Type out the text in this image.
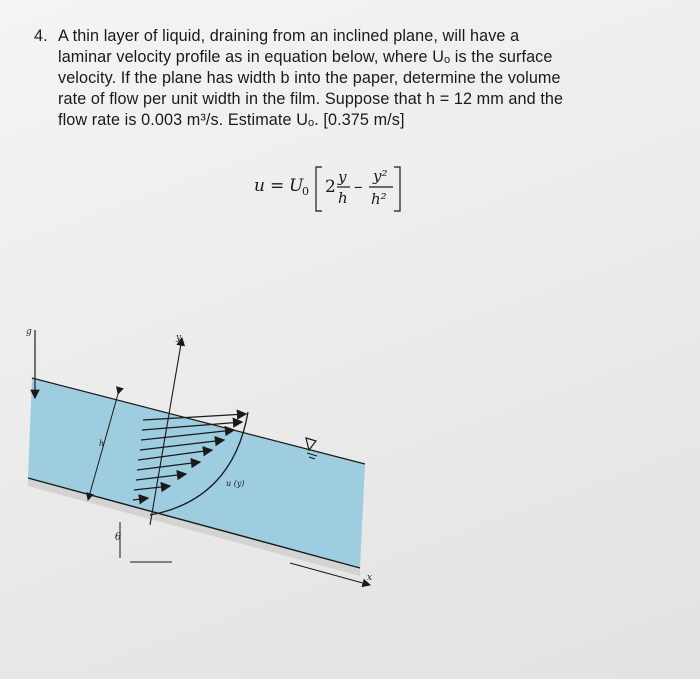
4. A thin layer of liquid, draining from an inclined plane, will have a

laminar velocity profile as in equation below, where Uₒ is the surface

velocity. If the plane has width b into the paper, determine the volume

rate of flow per unit width in the film. Suppose that h = 12 mm and the

flow rate is 0.003 m³/s. Estimate Uₒ. [0.375 m/s]

u = U
0 2 y
h
–
y²
h²
x
y
u (y)
h
θ
g
